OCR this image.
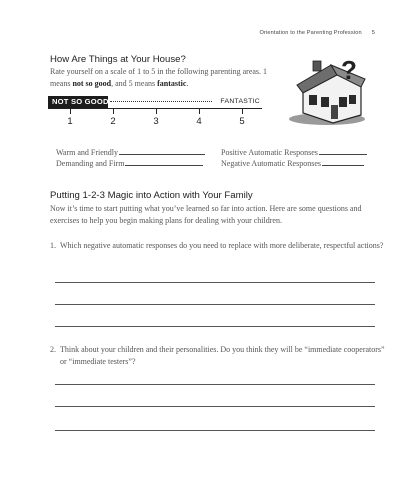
Orientation to the Parenting Profession 5
How Are Things at Your House?
Rate yourself on a scale of 1 to 5 in the following parenting areas. 1 means not so good, and 5 means fantastic.
NOT SO GOOD	FANTASTIC
1	2	3	4	5
Warm and Friendly
Demanding and Firm
Positive Automatic Responses
Negative Automatic Responses
Putting 1-2-3 Magic into Action with Your Family
Now it’s time to start putting what you’ve learned so far into action. Here are some questions and exercises to help you begin making plans for dealing with your children.
1. Which negative automatic responses do you need to replace with more deliberate, respectful actions?
2. Think about your children and their personalities. Do you think they will be “immediate cooperators” or “immediate testers”?
?
